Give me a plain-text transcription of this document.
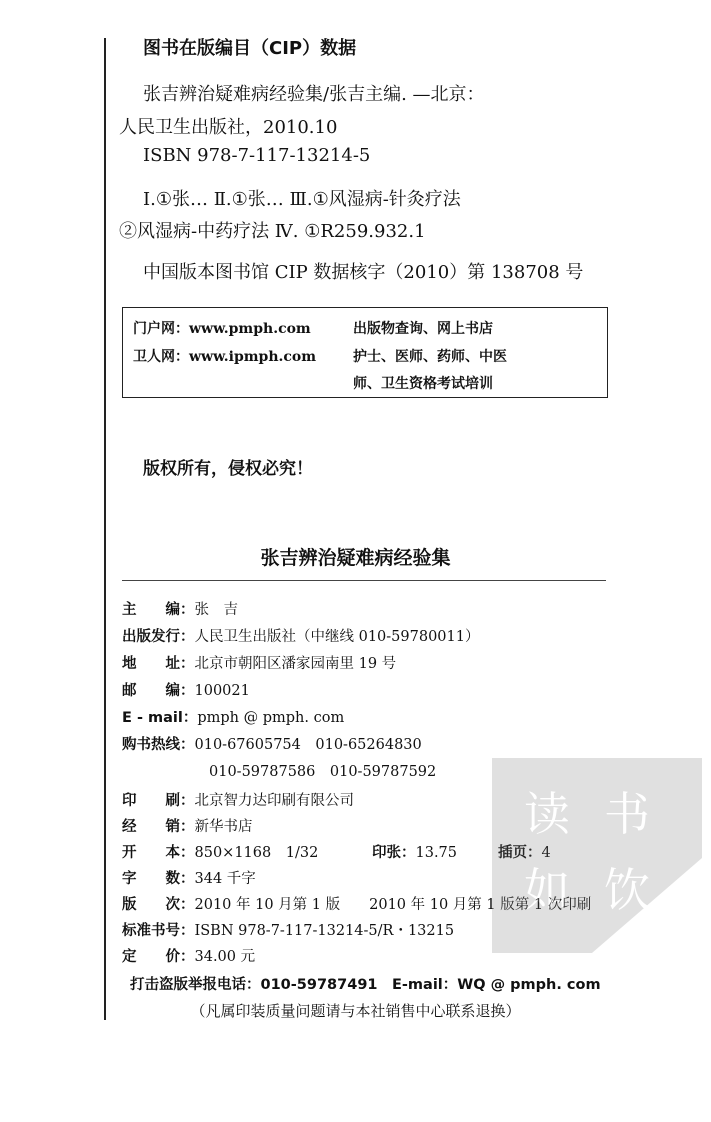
图书在版编目（CIP）数据
张吉辨治疑难病经验集/张吉主编. —北京：
人民卫生出版社，2010.10
ISBN 978-7-117-13214-5
Ⅰ.①张… Ⅱ.①张… Ⅲ.①风湿病-针灸疗法
②风湿病-中药疗法 Ⅳ. ①R259.932.1
中国版本图书馆 CIP 数据核字（2010）第 138708 号
门户网：www.pmph.com	出版物查询、网上书店
卫人网：www.ipmph.com	护士、医师、药师、中医
师、卫生资格考试培训
版权所有，侵权必究！
张吉辨治疑难病经验集
主　　编：张　吉
出版发行：人民卫生出版社（中继线 010-59780011）
地　　址：北京市朝阳区潘家园南里 19 号
邮　　编：100021
E - mail：pmph @ pmph. com
购书热线：010-67605754　010-65264830
010-59787586　010-59787592
印　　刷：北京智力达印刷有限公司
经　　销：新华书店
开　　本：850×1168　1/32	印张：13.75	插页：4
字　　数：344 千字
版　　次：2010 年 10 月第 1 版　　2010 年 10 月第 1 版第 1 次印刷
标准书号：ISBN 978-7-117-13214-5/R・13215
定　　价：34.00 元
打击盗版举报电话：010-59787491　E-mail：WQ @ pmph. com
（凡属印装质量问题请与本社销售中心联系退换）
读 书
如 饮
PDG
